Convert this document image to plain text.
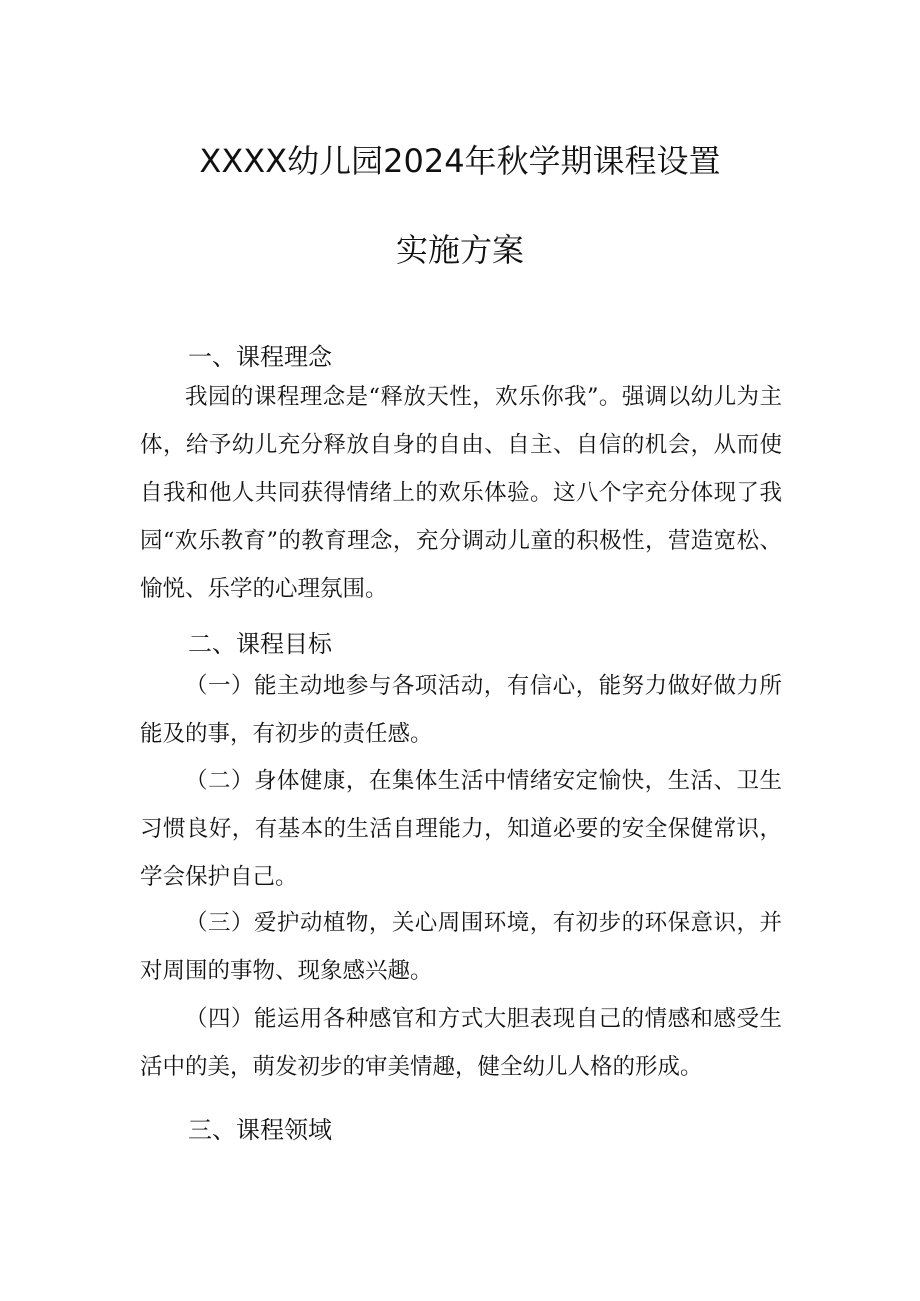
XXXX幼儿园2024年秋学期课程设置
实施方案
一、课程理念

我园的课程理念是“释放天性，欢乐你我”。强调以幼儿为主体，给予幼儿充分释放自身的自由、自主、自信的机会，从而使自我和他人共同获得情绪上的欢乐体验。这八个字充分体现了我园“欢乐教育”的教育理念，充分调动儿童的积极性，营造宽松、愉悦、乐学的心理氛围。

二、课程目标

（一）能主动地参与各项活动，有信心，能努力做好做力所能及的事，有初步的责任感。

（二）身体健康，在集体生活中情绪安定愉快，生活、卫生习惯良好，有基本的生活自理能力，知道必要的安全保健常识，学会保护自己。

（三）爱护动植物，关心周围环境，有初步的环保意识，并对周围的事物、现象感兴趣。

（四）能运用各种感官和方式大胆表现自己的情感和感受生活中的美，萌发初步的审美情趣，健全幼儿人格的形成。

三、课程领域
